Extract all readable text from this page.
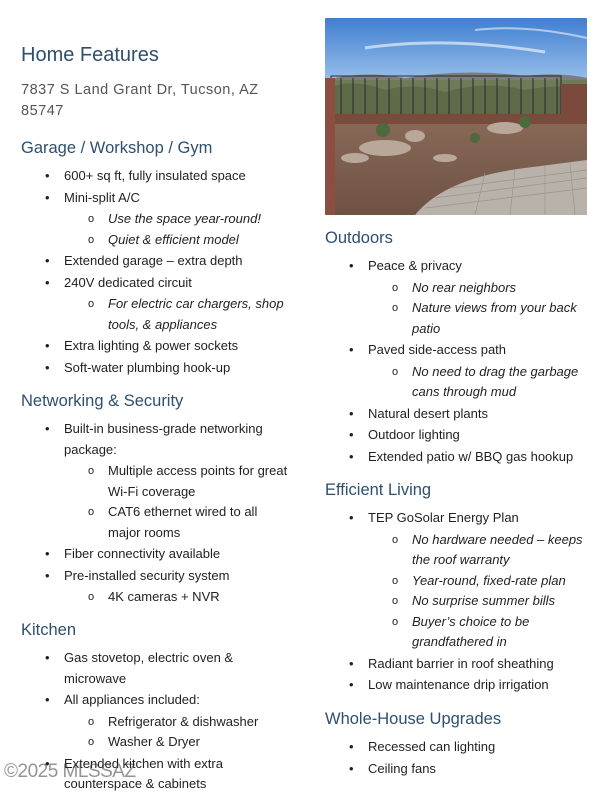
Home Features
7837 S Land Grant Dr, Tucson, AZ 85747
Garage / Workshop / Gym
• 600+ sq ft, fully insulated space
• Mini-split A/C
o Use the space year-round!
o Quiet & efficient model
• Extended garage – extra depth
• 240V dedicated circuit
o For electric car chargers, shop tools, & appliances
• Extra lighting & power sockets
• Soft-water plumbing hook-up
Networking & Security
• Built-in business-grade networking package:
o Multiple access points for great Wi-Fi coverage
o CAT6 ethernet wired to all major rooms
• Fiber connectivity available
• Pre-installed security system
o 4K cameras + NVR
Kitchen
• Gas stovetop, electric oven & microwave
• All appliances included:
o Refrigerator & dishwasher
o Washer & Dryer
• Extended kitchen with extra counterspace & cabinets
Outdoors
• Peace & privacy
o No rear neighbors
o Nature views from your back patio
• Paved side-access path
o No need to drag the garbage cans through mud
• Natural desert plants
• Outdoor lighting
• Extended patio w/ BBQ gas hookup
Efficient Living
• TEP GoSolar Energy Plan
o No hardware needed – keeps the roof warranty
o Year-round, fixed-rate plan
o No surprise summer bills
o Buyer’s choice to be grandfathered in
• Radiant barrier in roof sheathing
• Low maintenance drip irrigation
Whole-House Upgrades
• Recessed can lighting
• Ceiling fans
©2025 MLSSAZ
